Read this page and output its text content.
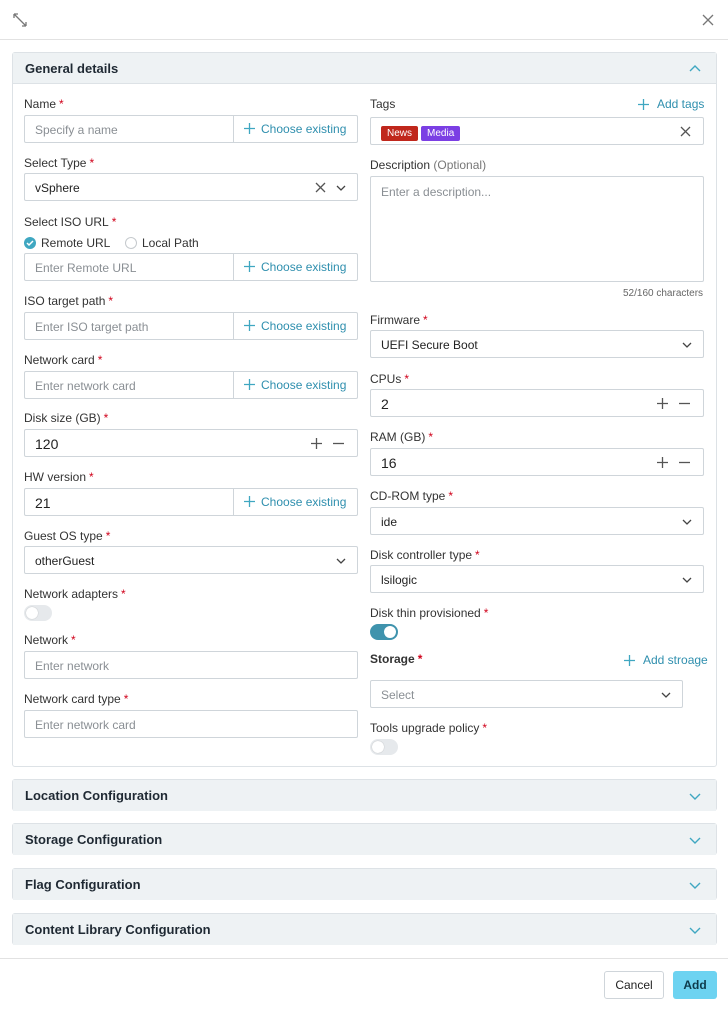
General details
Name *
Specify a name	Choose existing
Select Type *
vSphere
Select ISO URL *
Remote URL	Local Path
Enter Remote URL	Choose existing
ISO target path *
Enter ISO target path	Choose existing
Network card *
Enter network card	Choose existing
Disk size (GB) *
120
HW version *
21	Choose existing
Guest OS type *
otherGuest
Network adapters *
Network *
Enter network
Network card type *
Enter network card
Tags	Add tags
News Media
Description (Optional)
Enter a description...
52/160 characters
Firmware *
UEFI Secure Boot
CPUs *
2
RAM (GB) *
16
CD-ROM type *
ide
Disk controller type *
lsilogic
Disk thin provisioned *
Storage *	Add stroage
Select
Tools upgrade policy *
Location Configuration
Storage Configuration
Flag Configuration
Content Library Configuration
Cancel	Add
